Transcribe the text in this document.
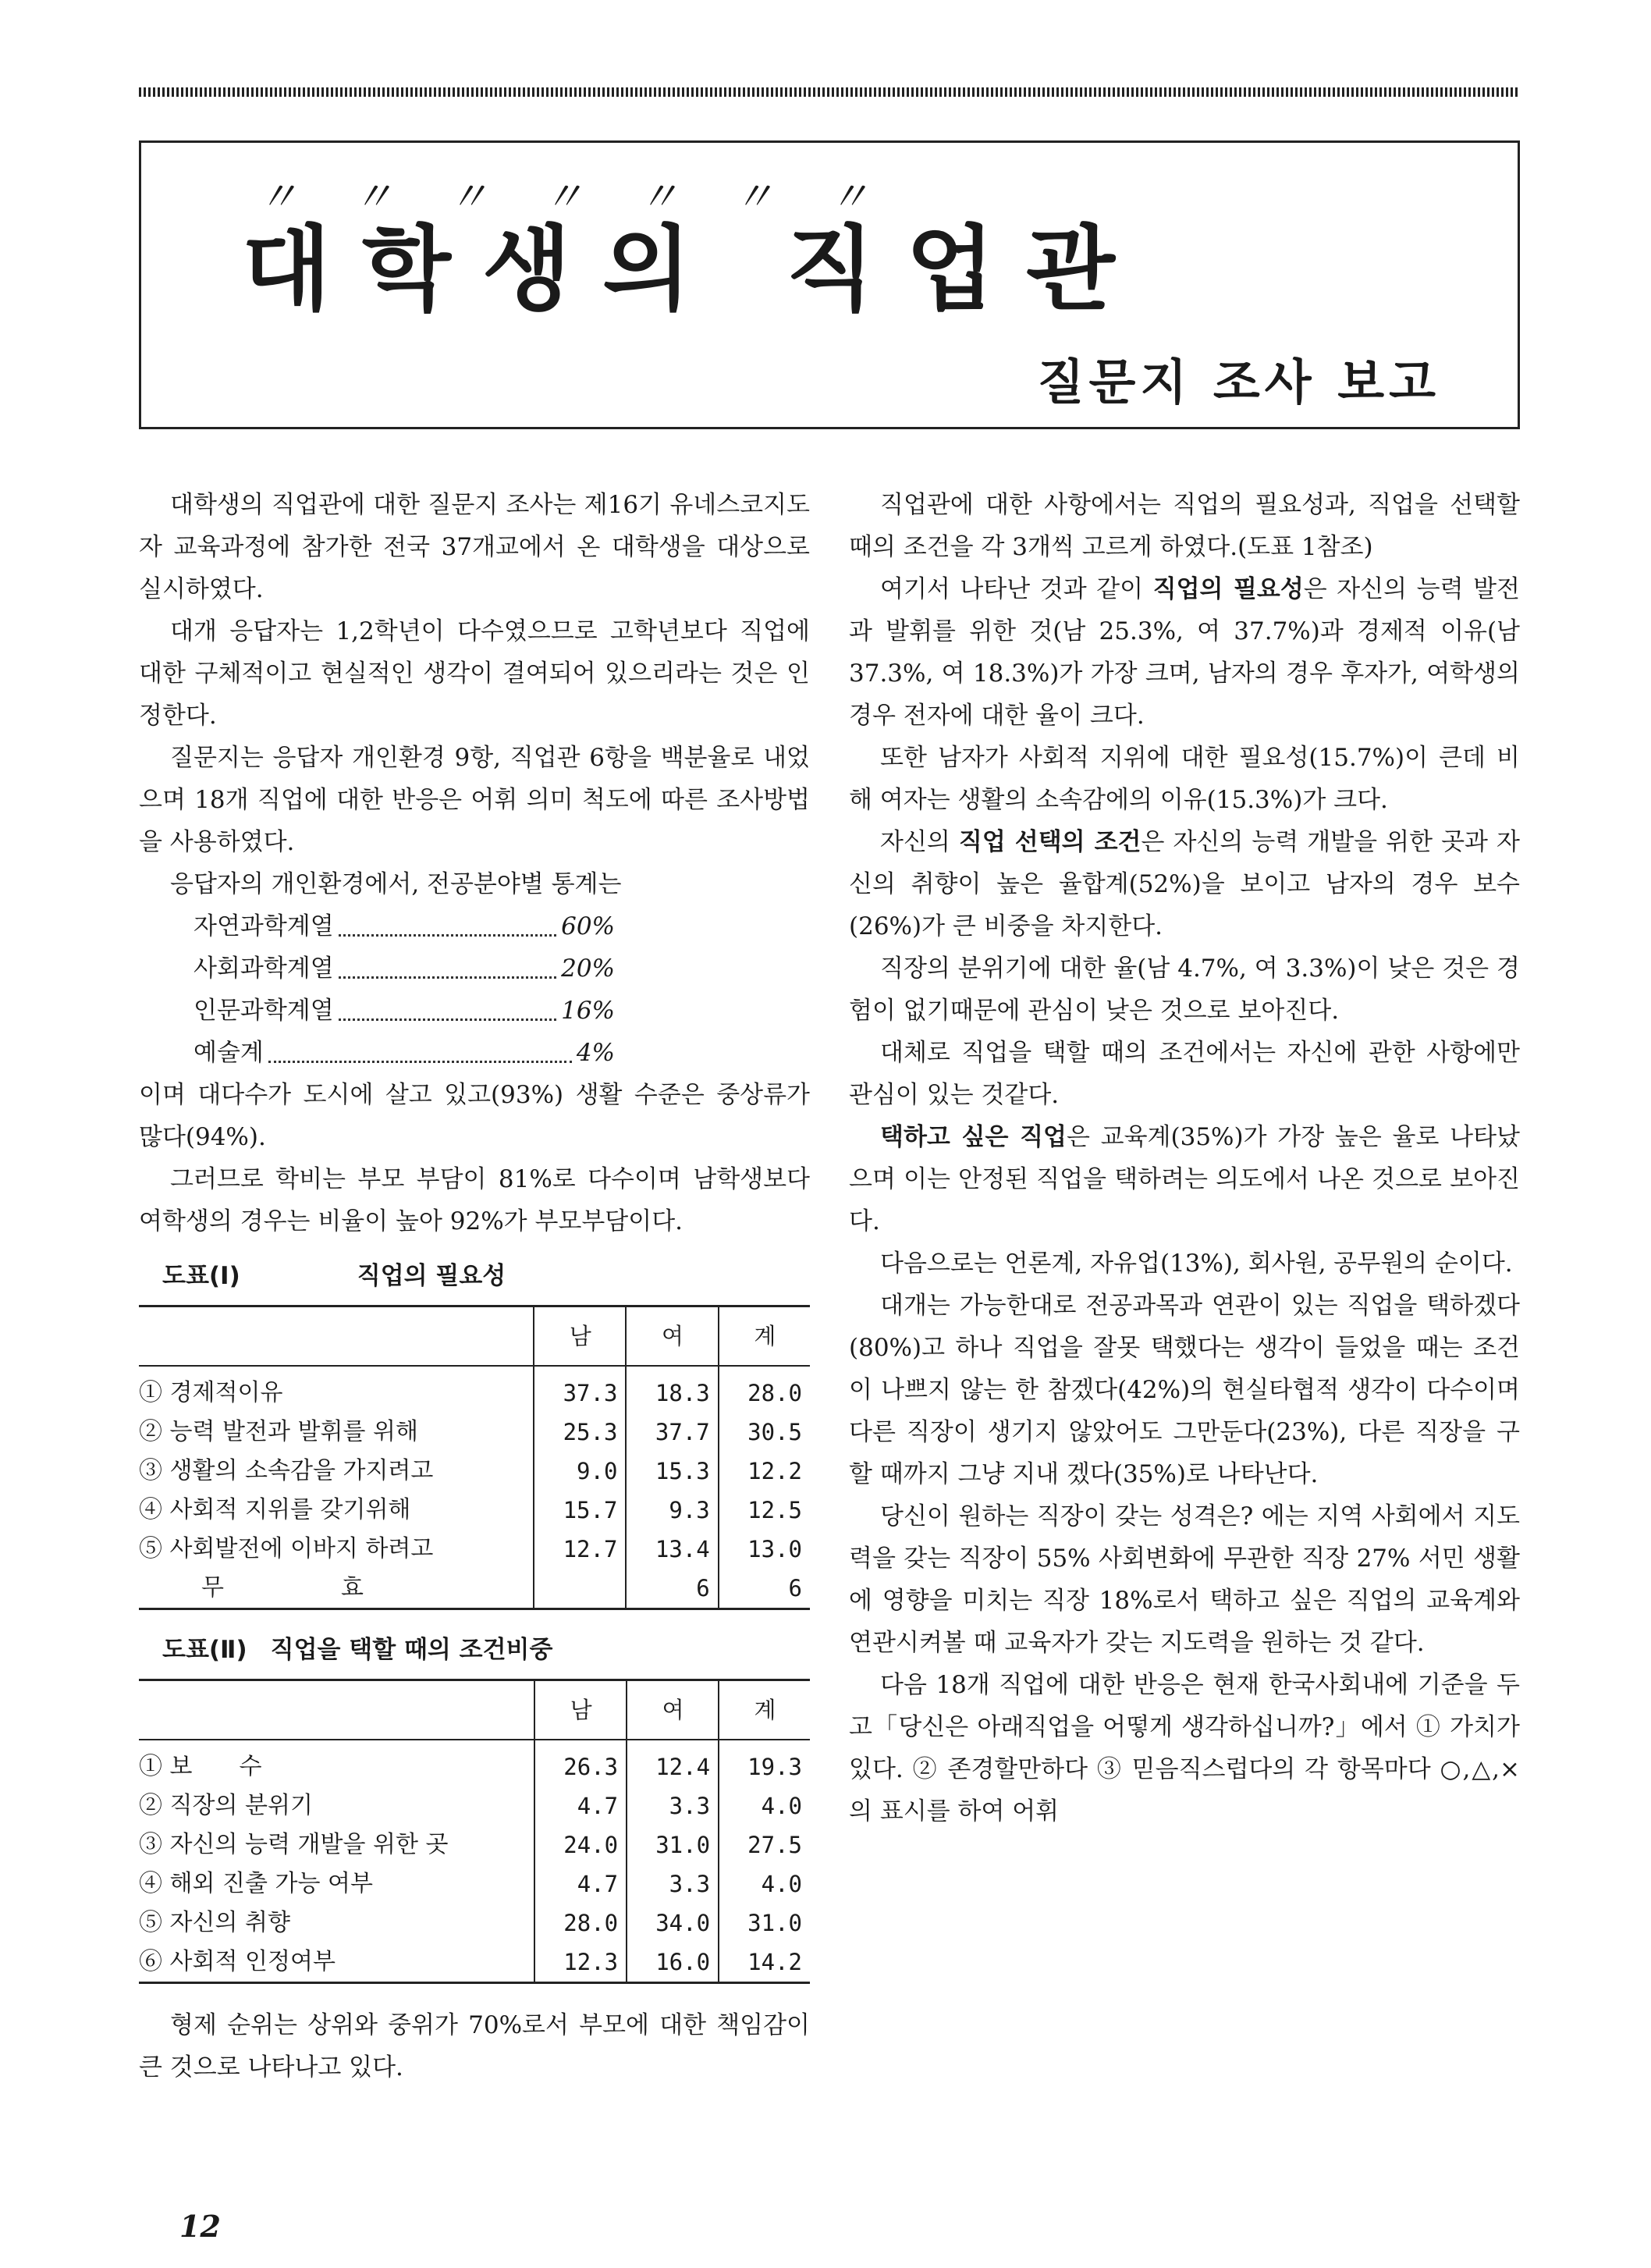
〃〃〃〃〃〃〃
대학생의 직업관
질문지 조사 보고

대학생의 직업관에 대한 질문지 조사는 제16기 유네스코지도자 교육과정에 참가한 전국 37개교에서 온 대학생을 대상으로 실시하였다.

대개 응답자는 1,2학년이 다수였으므로 고학년보다 직업에 대한 구체적이고 현실적인 생각이 결여되어 있으리라는 것은 인정한다.

질문지는 응답자 개인환경 9항, 직업관 6항을 백분율로 내었으며 18개 직업에 대한 반응은 어휘 의미 척도에 따른 조사방법을 사용하였다.

응답자의 개인환경에서, 전공분야별 통계는

자연과학계열	60%
사회과학계열	20%
인문과학계열	16%
예술계	4%

이며 대다수가 도시에 살고 있고(93%) 생활 수준은 중상류가 많다(94%).

그러므로 학비는 부모 부담이 81%로 다수이며 남학생보다 여학생의 경우는 비율이 높아 92%가 부모부담이다.

도표(Ⅰ)	직업의 필요성
	남	여	계
① 경제적이유	37.3	18.3	28.0
② 능력 발전과 발휘를 위해	25.3	37.7	30.5
③ 생활의 소속감을 가지려고	9.0	15.3	12.2
④ 사회적 지위를 갖기위해	15.7	9.3	12.5
⑤ 사회발전에 이바지 하려고	12.7	13.4	13.0
무　　　　　효		6	6
도표(Ⅱ) 직업을 택할 때의 조건비중
	남	여	계
① 보　　수	26.3	12.4	19.3
② 직장의 분위기	4.7	3.3	4.0
③ 자신의 능력 개발을 위한 곳	24.0	31.0	27.5
④ 해외 진출 가능 여부	4.7	3.3	4.0
⑤ 자신의 취향	28.0	34.0	31.0
⑥ 사회적 인정여부	12.3	16.0	14.2

형제 순위는 상위와 중위가 70%로서 부모에 대한 책임감이 큰 것으로 나타나고 있다.

직업관에 대한 사항에서는 직업의 필요성과, 직업을 선택할 때의 조건을 각 3개씩 고르게 하였다.(도표 1참조)

여기서 나타난 것과 같이 직업의 필요성은 자신의 능력 발전과 발휘를 위한 것(남 25.3%, 여 37.7%)과 경제적 이유(남 37.3%, 여 18.3%)가 가장 크며, 남자의 경우 후자가, 여학생의 경우 전자에 대한 율이 크다.

또한 남자가 사회적 지위에 대한 필요성(15.7%)이 큰데 비해 여자는 생활의 소속감에의 이유(15.3%)가 크다.

자신의 직업 선택의 조건은 자신의 능력 개발을 위한 곳과 자신의 취향이 높은 율합계(52%)을 보이고 남자의 경우 보수(26%)가 큰 비중을 차지한다.

직장의 분위기에 대한 율(남 4.7%, 여 3.3%)이 낮은 것은 경험이 없기때문에 관심이 낮은 것으로 보아진다.

대체로 직업을 택할 때의 조건에서는 자신에 관한 사항에만 관심이 있는 것같다.

택하고 싶은 직업은 교육계(35%)가 가장 높은 율로 나타났으며 이는 안정된 직업을 택하려는 의도에서 나온 것으로 보아진다.

다음으로는 언론계, 자유업(13%), 회사원, 공무원의 순이다.

대개는 가능한대로 전공과목과 연관이 있는 직업을 택하겠다(80%)고 하나 직업을 잘못 택했다는 생각이 들었을 때는 조건이 나쁘지 않는 한 참겠다(42%)의 현실타협적 생각이 다수이며 다른 직장이 생기지 않았어도 그만둔다(23%), 다른 직장을 구할 때까지 그냥 지내 겠다(35%)로 나타난다.

당신이 원하는 직장이 갖는 성격은? 에는 지역 사회에서 지도력을 갖는 직장이 55% 사회변화에 무관한 직장 27% 서민 생활에 영향을 미치는 직장 18%로서 택하고 싶은 직업의 교육계와 연관시켜볼 때 교육자가 갖는 지도력을 원하는 것 같다.

다음 18개 직업에 대한 반응은 현재 한국사회내에 기준을 두고「당신은 아래직업을 어떻게 생각하십니까?」에서 ① 가치가 있다. ② 존경할만하다 ③ 믿음직스럽다의 각 항목마다 ○,△,×의 표시를 하여 어휘

12
